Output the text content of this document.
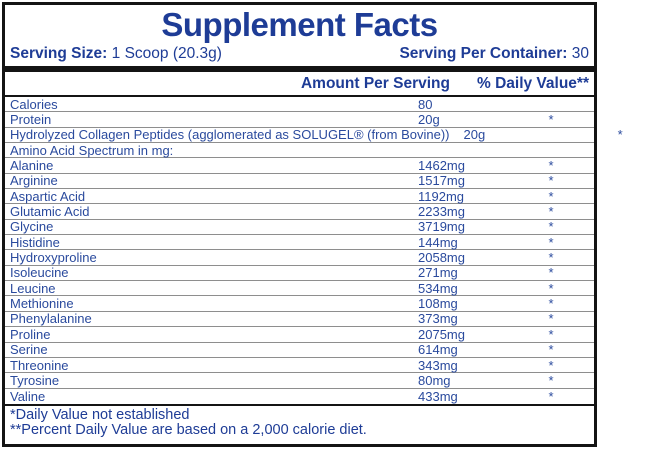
Supplement Facts
Serving Size: 1 Scoop (20.3g)	Serving Per Container: 30
Amount Per Serving % Daily Value**
Calories	80
Protein	20g	*
Hydrolyzed Collagen Peptides (agglomerated as SOLUGEL® (from Bovine)) 20g	*
Amino Acid Spectrum in mg:
Alanine	1462mg	*
Arginine	1517mg	*
Aspartic Acid	1192mg	*
Glutamic Acid	2233mg	*
Glycine	3719mg	*
Histidine	144mg	*
Hydroxyproline	2058mg	*
Isoleucine	271mg	*
Leucine	534mg	*
Methionine	108mg	*
Phenylalanine	373mg	*
Proline	2075mg	*
Serine	614mg	*
Threonine	343mg	*
Tyrosine	80mg	*
Valine	433mg	*
*Daily Value not established
**Percent Daily Value are based on a 2,000 calorie diet.
